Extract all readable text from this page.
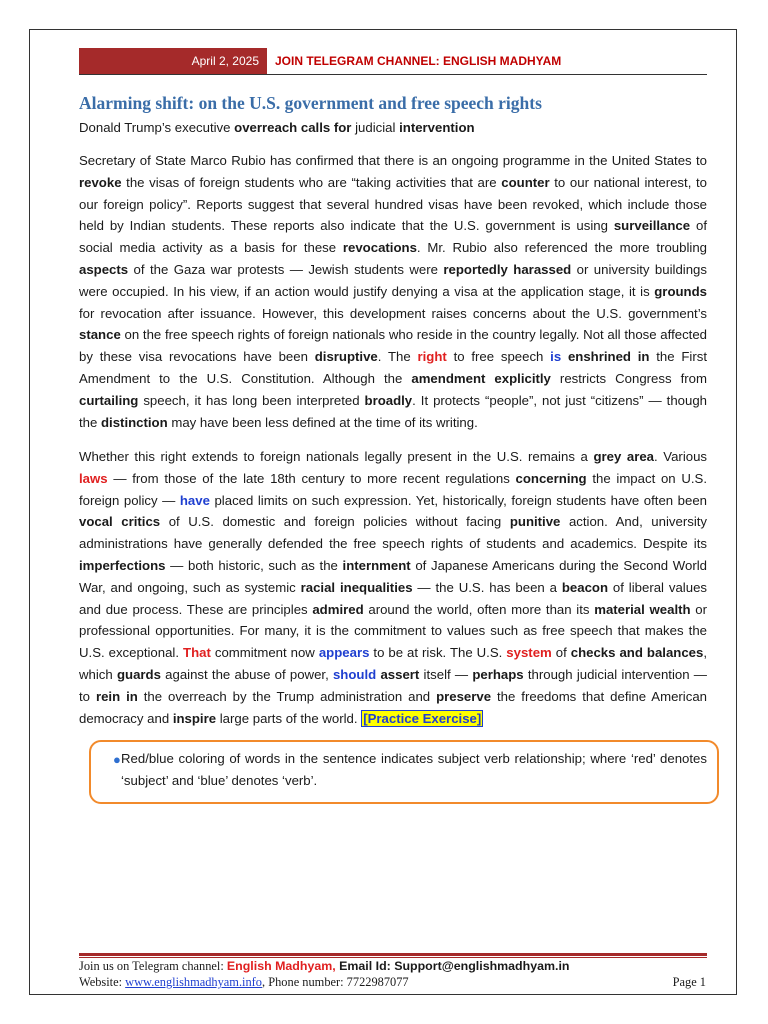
April 2, 2025	JOIN TELEGRAM CHANNEL: ENGLISH MADHYAM
Alarming shift: on the U.S. government and free speech rights
Donald Trump’s executive overreach calls for judicial intervention

Secretary of State Marco Rubio has confirmed that there is an ongoing programme in the United States to revoke the visas of foreign students who are “taking activities that are counter to our national interest, to our foreign policy”. Reports suggest that several hundred visas have been revoked, which include those held by Indian students. These reports also indicate that the U.S. government is using surveillance of social media activity as a basis for these revocations. Mr. Rubio also referenced the more troubling aspects of the Gaza war protests — Jewish students were reportedly harassed or university buildings were occupied. In his view, if an action would justify denying a visa at the application stage, it is grounds for revocation after issuance. However, this development raises concerns about the U.S. government’s stance on the free speech rights of foreign nationals who reside in the country legally. Not all those affected by these visa revocations have been disruptive. The right to free speech is enshrined in the First Amendment to the U.S. Constitution. Although the amendment explicitly restricts Congress from curtailing speech, it has long been interpreted broadly. It protects “people”, not just “citizens” — though the distinction may have been less defined at the time of its writing.

Whether this right extends to foreign nationals legally present in the U.S. remains a grey area. Various laws — from those of the late 18th century to more recent regulations concerning the impact on U.S. foreign policy — have placed limits on such expression. Yet, historically, foreign students have often been vocal critics of U.S. domestic and foreign policies without facing punitive action. And, university administrations have generally defended the free speech rights of students and academics. Despite its imperfections — both historic, such as the internment of Japanese Americans during the Second World War, and ongoing, such as systemic racial inequalities — the U.S. has been a beacon of liberal values and due process. These are principles admired around the world, often more than its material wealth or professional opportunities. For many, it is the commitment to values such as free speech that makes the U.S. exceptional. That commitment now appears to be at risk. The U.S. system of checks and balances, which guards against the abuse of power, should assert itself — perhaps through judicial intervention — to rein in the overreach by the Trump administration and preserve the freedoms that define American democracy and inspire large parts of the world. [Practice Exercise]

● Red/blue coloring of words in the sentence indicates subject verb relationship; where ‘red’ denotes ‘subject’ and ‘blue’ denotes ‘verb’.

Join us on Telegram channel: English Madhyam, Email Id: Support@englishmadhyam.in
Website: www.englishmadhyam.info, Phone number: 7722987077	Page 1
